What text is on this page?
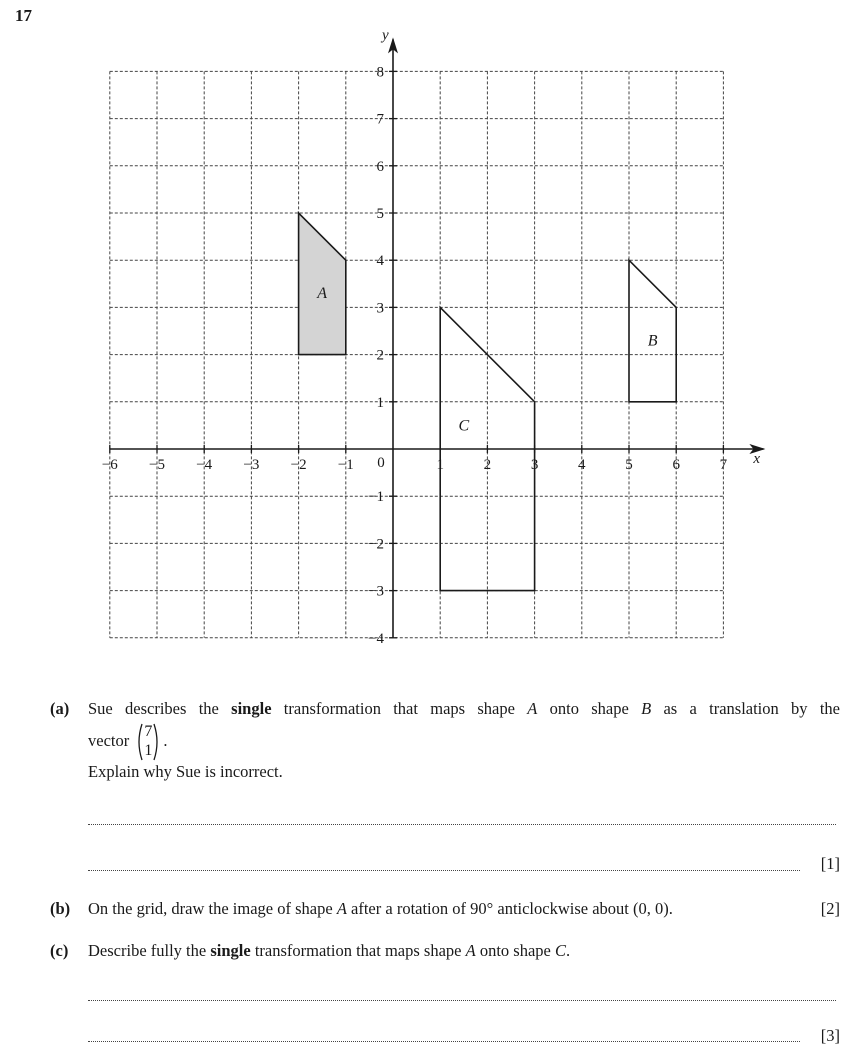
17
A
B
C
x
y
0
−6 −5 −4 −3 −2 −1	1	2	3	4	5	6	7
−4
−3
−2
−1
1
2
3
4
5
6
7
8
(a) Sue describes the single transformation that maps shape A onto shape B as a translation by the
vector 7
1
.
Explain why Sue is incorrect.
[1]
(b) On the grid, draw the image of shape A after a rotation of 90° anticlockwise about (0, 0).	[2]
(c) Describe fully the single transformation that maps shape A onto shape C.
[3]
